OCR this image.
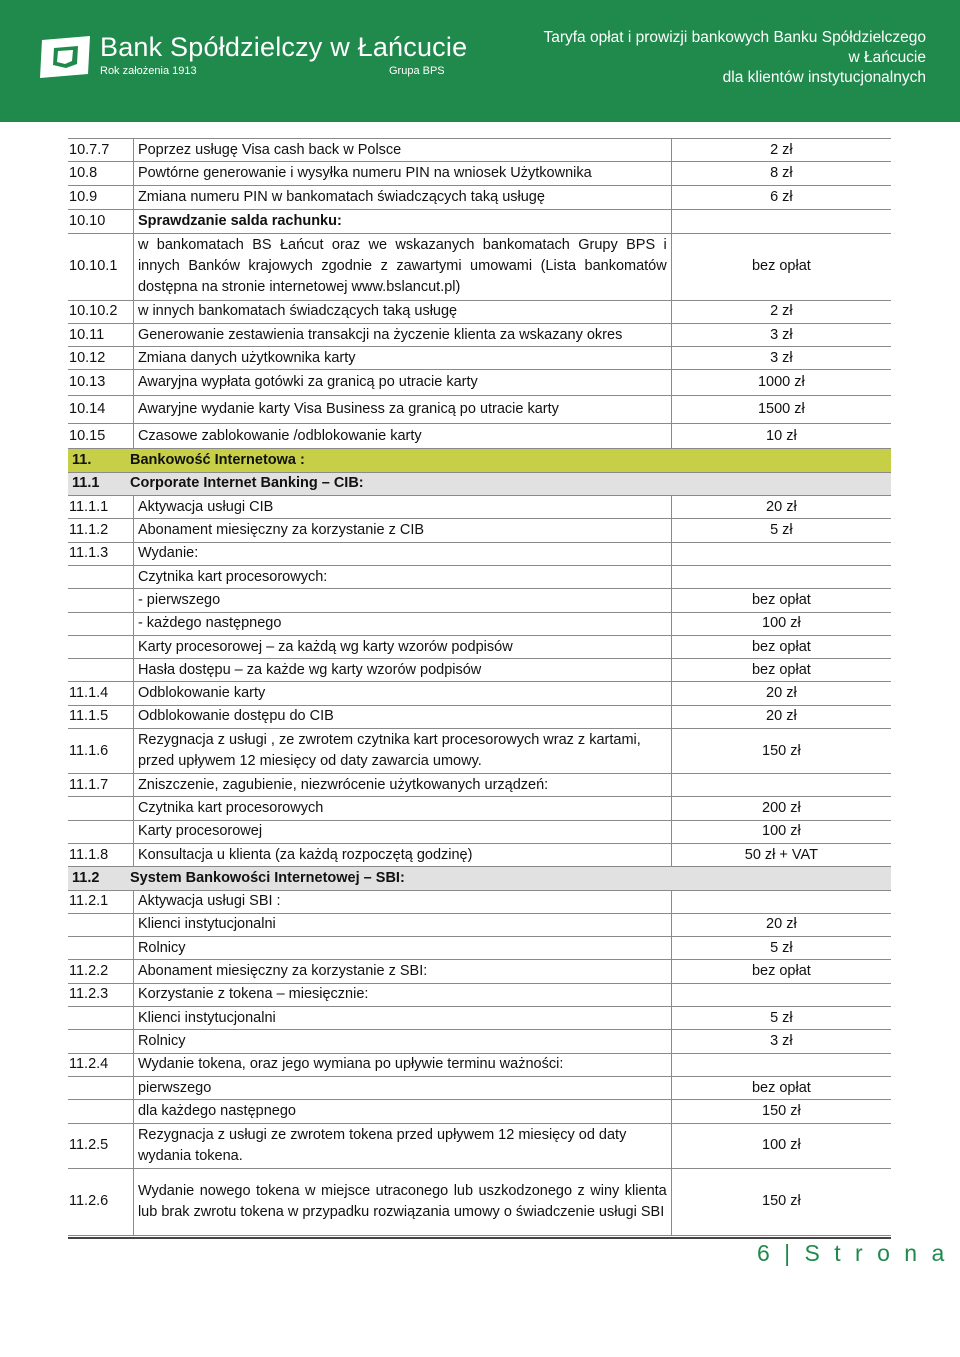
Bank Spółdzielczy w Łańcucie
Rok założenia 1913	Grupa BPS
Taryfa opłat i prowizji bankowych Banku Spółdzielczego
w Łańcucie
dla klientów instytucjonalnych
10.7.7	Poprzez usługę Visa cash back w Polsce	2 zł
10.8	Powtórne generowanie i wysyłka numeru PIN na wniosek Użytkownika	8 zł
10.9	Zmiana numeru PIN w bankomatach świadczących taką usługę	6 zł
10.10	Sprawdzanie salda rachunku:	
10.10.1	w bankomatach BS Łańcut oraz we wskazanych bankomatach Grupy BPS i innych Banków krajowych zgodnie z zawartymi umowami (Lista bankomatów dostępna na stronie internetowej www.bslancut.pl)	bez opłat
10.10.2	w innych bankomatach świadczących taką usługę	2 zł
10.11	Generowanie zestawienia transakcji na życzenie klienta za wskazany okres	3 zł
10.12	Zmiana danych użytkownika karty	3 zł
10.13	Awaryjna wypłata gotówki za granicą po utracie karty	1000 zł
10.14	Awaryjne wydanie karty Visa Business za granicą po utracie karty	1500 zł
10.15	Czasowe zablokowanie /odblokowanie karty	10 zł
11. Bankowość Internetowa :		
11.1 Corporate Internet Banking – CIB:		
11.1.1	Aktywacja usługi CIB	20 zł
11.1.2	Abonament miesięczny za korzystanie z CIB	5 zł
11.1.3	Wydanie:	
	Czytnika kart procesorowych:	
	- pierwszego	bez opłat
	- każdego następnego	100 zł
	Karty procesorowej – za każdą wg karty wzorów podpisów	bez opłat
	Hasła dostępu – za każde wg karty wzorów podpisów	bez opłat
11.1.4	Odblokowanie karty	20 zł
11.1.5	Odblokowanie dostępu do CIB	20 zł
11.1.6	Rezygnacja z usługi , ze zwrotem czytnika kart procesorowych wraz z kartami, przed upływem 12 miesięcy od daty zawarcia umowy.	150 zł
11.1.7	Zniszczenie, zagubienie, niezwrócenie użytkowanych urządzeń:	
	Czytnika kart procesorowych	200 zł
	Karty procesorowej	100 zł
11.1.8	Konsultacja u klienta (za każdą rozpoczętą godzinę)	50 zł + VAT
11.2 System Bankowości Internetowej – SBI:		
11.2.1	Aktywacja usługi SBI :	
	Klienci instytucjonalni	20 zł
	Rolnicy	5 zł
11.2.2	Abonament miesięczny za korzystanie z SBI:	bez opłat
11.2.3	Korzystanie z tokena – miesięcznie:	
	Klienci instytucjonalni	5 zł
	Rolnicy	3 zł
11.2.4	Wydanie tokena, oraz jego wymiana po upływie terminu ważności:	
	pierwszego	bez opłat
	dla każdego następnego	150 zł
11.2.5	Rezygnacja z usługi ze zwrotem tokena przed upływem 12 miesięcy od daty wydania tokena.	100 zł
11.2.6	Wydanie nowego tokena w miejsce utraconego lub uszkodzonego z winy klienta lub brak zwrotu tokena w przypadku rozwiązania umowy o świadczenie usługi SBI	150 zł
6 | S t r o n a
